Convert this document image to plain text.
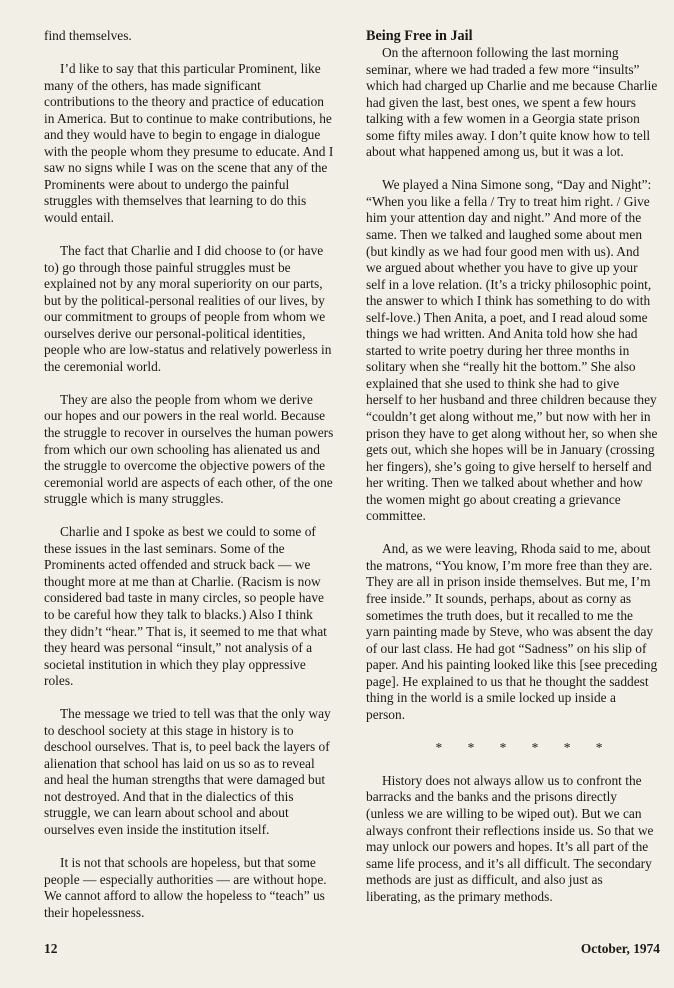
find themselves.

I’d like to say that this particular Prominent, like many of the others, has made significant contributions to the theory and practice of education in America. But to continue to make contributions, he and they would have to begin to engage in dialogue with the people whom they presume to educate. And I saw no signs while I was on the scene that any of the Prominents were about to undergo the painful struggles with themselves that learning to do this would entail.

The fact that Charlie and I did choose to (or have to) go through those painful struggles must be explained not by any moral superiority on our parts, but by the political-personal realities of our lives, by our commitment to groups of people from whom we ourselves derive our personal-political identities, people who are low-status and relatively powerless in the ceremonial world.

They are also the people from whom we derive our hopes and our powers in the real world. Because the struggle to recover in ourselves the human powers from which our own schooling has alienated us and the struggle to overcome the objective powers of the ceremonial world are aspects of each other, of the one struggle which is many struggles.

Charlie and I spoke as best we could to some of these issues in the last seminars. Some of the Prominents acted offended and struck back — we thought more at me than at Charlie. (Racism is now considered bad taste in many circles, so people have to be careful how they talk to blacks.) Also I think they didn’t “hear.” That is, it seemed to me that what they heard was personal “insult,” not analysis of a societal institution in which they play oppressive roles.

The message we tried to tell was that the only way to deschool society at this stage in history is to deschool ourselves. That is, to peel back the layers of alienation that school has laid on us so as to reveal and heal the human strengths that were damaged but not destroyed. And that in the dialectics of this struggle, we can learn about school and about ourselves even inside the institution itself.

It is not that schools are hopeless, but that some people — especially authorities — are without hope. We cannot afford to allow the hopeless to “teach” us their hopelessness.

Being Free in Jail

On the afternoon following the last morning seminar, where we had traded a few more “insults” which had charged up Charlie and me because Charlie had given the last, best ones, we spent a few hours talking with a few women in a Georgia state prison some fifty miles away. I don’t quite know how to tell about what happened among us, but it was a lot.

We played a Nina Simone song, “Day and Night”: “When you like a fella / Try to treat him right. / Give him your attention day and night.” And more of the same. Then we talked and laughed some about men (but kindly as we had four good men with us). And we argued about whether you have to give up your self in a love relation. (It’s a tricky philosophic point, the answer to which I think has something to do with self-love.) Then Anita, a poet, and I read aloud some things we had written. And Anita told how she had started to write poetry during her three months in solitary when she “really hit the bottom.” She also explained that she used to think she had to give herself to her husband and three children because they “couldn’t get along without me,” but now with her in prison they have to get along without her, so when she gets out, which she hopes will be in January (crossing her fingers), she’s going to give herself to herself and her writing. Then we talked about whether and how the women might go about creating a grievance committee.

And, as we were leaving, Rhoda said to me, about the matrons, “You know, I’m more free than they are. They are all in prison inside themselves. But me, I’m free inside.” It sounds, perhaps, about as corny as sometimes the truth does, but it recalled to me the yarn painting made by Steve, who was absent the day of our last class. He had got “Sadness” on his slip of paper. And his painting looked like this [see preceding page]. He explained to us that he thought the saddest thing in the world is a smile locked up inside a person.

* * * * * *

History does not always allow us to confront the barracks and the banks and the prisons directly (unless we are willing to be wiped out). But we can always confront their reflections inside us. So that we may unlock our powers and hopes. It’s all part of the same life process, and it’s all difficult. The secondary methods are just as difficult, and also just as liberating, as the primary methods.

12	October, 1974
